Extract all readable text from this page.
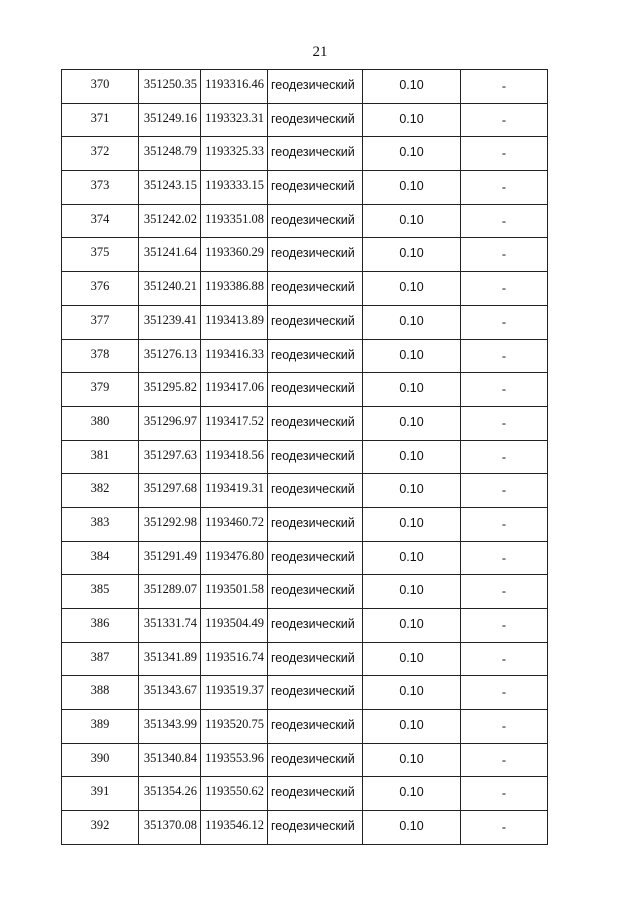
21
370	351250.35	1193316.46	геодезический	0.10	-
371	351249.16	1193323.31	геодезический	0.10	-
372	351248.79	1193325.33	геодезический	0.10	-
373	351243.15	1193333.15	геодезический	0.10	-
374	351242.02	1193351.08	геодезический	0.10	-
375	351241.64	1193360.29	геодезический	0.10	-
376	351240.21	1193386.88	геодезический	0.10	-
377	351239.41	1193413.89	геодезический	0.10	-
378	351276.13	1193416.33	геодезический	0.10	-
379	351295.82	1193417.06	геодезический	0.10	-
380	351296.97	1193417.52	геодезический	0.10	-
381	351297.63	1193418.56	геодезический	0.10	-
382	351297.68	1193419.31	геодезический	0.10	-
383	351292.98	1193460.72	геодезический	0.10	-
384	351291.49	1193476.80	геодезический	0.10	-
385	351289.07	1193501.58	геодезический	0.10	-
386	351331.74	1193504.49	геодезический	0.10	-
387	351341.89	1193516.74	геодезический	0.10	-
388	351343.67	1193519.37	геодезический	0.10	-
389	351343.99	1193520.75	геодезический	0.10	-
390	351340.84	1193553.96	геодезический	0.10	-
391	351354.26	1193550.62	геодезический	0.10	-
392	351370.08	1193546.12	геодезический	0.10	-
